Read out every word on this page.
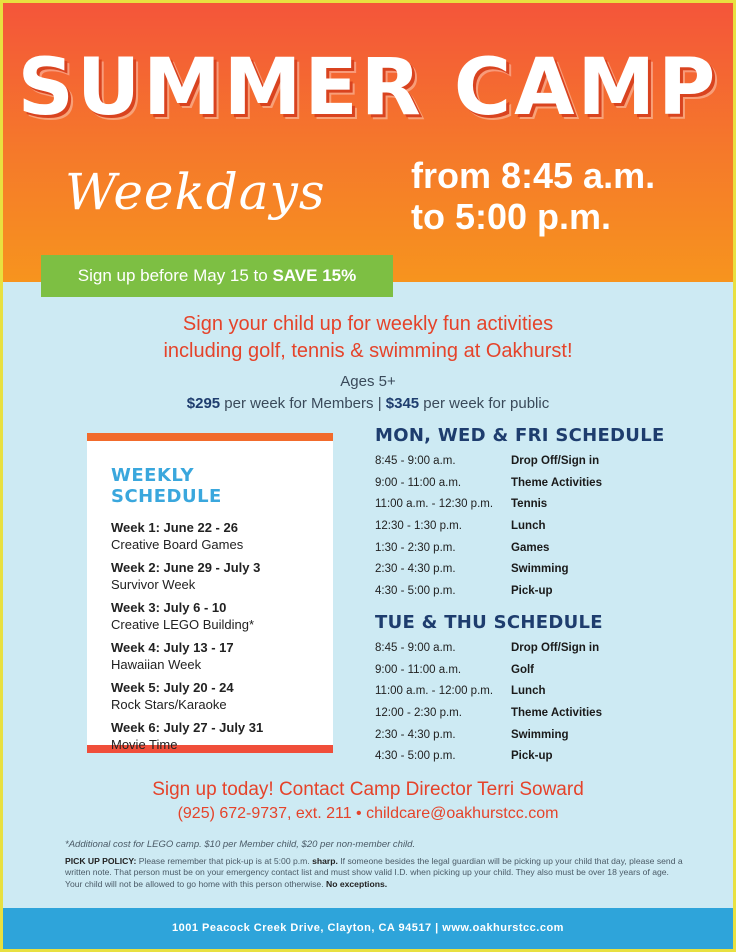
SUMMER CAMP
Weekdays from 8:45 a.m.
to 5:00 p.m.
Sign up before May 15 to SAVE 15%
Sign your child up for weekly fun activities
including golf, tennis & swimming at Oakhurst!
Ages 5+
$295 per week for Members | $345 per week for public
WEEKLY SCHEDULE
Week 1: June 22 - 26
Creative Board Games
Week 2: June 29 - July 3
Survivor Week
Week 3: July 6 - 10
Creative LEGO Building*
Week 4: July 13 - 17
Hawaiian Week
Week 5: July 20 - 24
Rock Stars/Karaoke
Week 6: July 27 - July 31
Movie Time
MON, WED & FRI SCHEDULE
8:45 - 9:00 a.m.	Drop Off/Sign in
9:00 - 11:00 a.m.	Theme Activities
11:00 a.m. - 12:30 p.m.	Tennis
12:30 - 1:30 p.m.	Lunch
1:30 - 2:30 p.m.	Games
2:30 - 4:30 p.m.	Swimming
4:30 - 5:00 p.m.	Pick-up
TUE & THU SCHEDULE
8:45 - 9:00 a.m.	Drop Off/Sign in
9:00 - 11:00 a.m.	Golf
11:00 a.m. - 12:00 p.m.	Lunch
12:00 - 2:30 p.m.	Theme Activities
2:30 - 4:30 p.m.	Swimming
4:30 - 5:00 p.m.	Pick-up
Sign up today! Contact Camp Director Terri Soward
(925) 672-9737, ext. 211 • childcare@oakhurstcc.com
*Additional cost for LEGO camp. $10 per Member child, $20 per non-member child.
PICK UP POLICY: Please remember that pick-up is at 5:00 p.m. sharp. If someone besides the legal guardian will be picking up your child that day, please send a written note. That person must be on your emergency contact list and must show valid I.D. when picking up your child. They also must be over 18 years of age. Your child will not be allowed to go home with this person otherwise. No exceptions.
1001 Peacock Creek Drive, Clayton, CA 94517 | www.oakhurstcc.com
